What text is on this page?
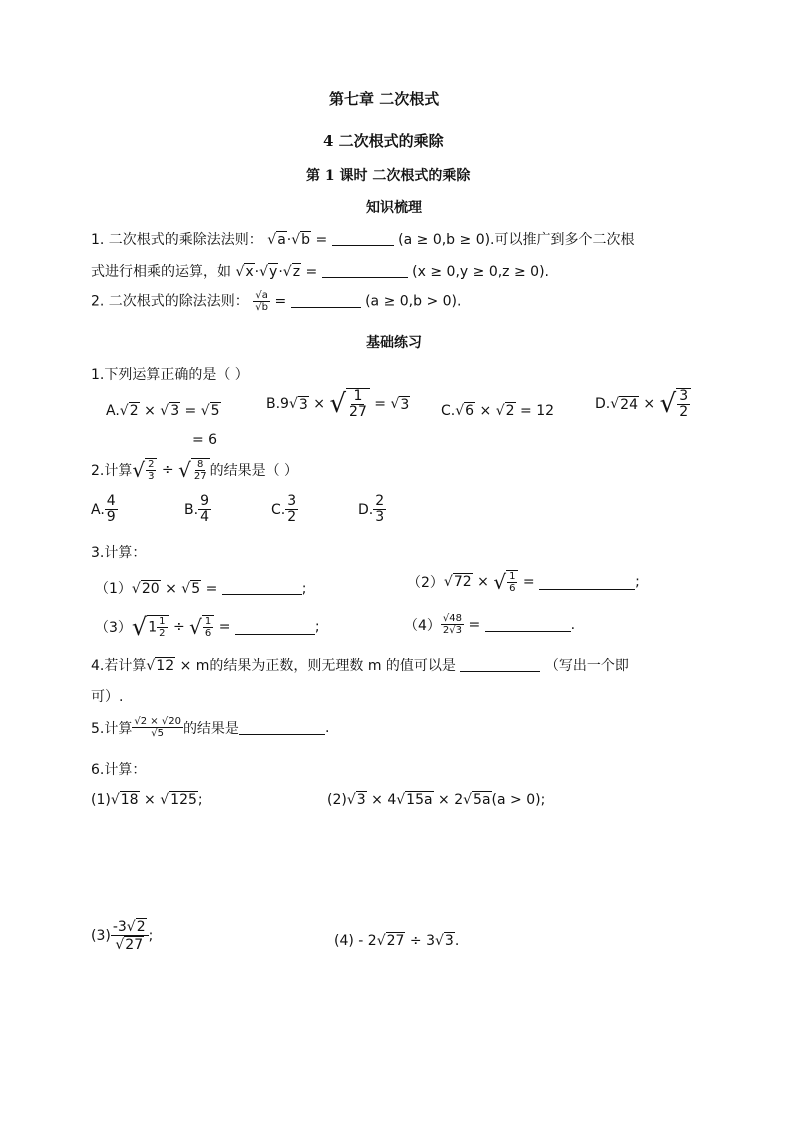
第七章 二次根式
4 二次根式的乘除
第 1 课时 二次根式的乘除
知识梳理
1. 二次根式的乘除法法则： √a·√b =	(a ≥ 0,b ≥ 0).可以推广到多个二次根
式进行相乘的运算，如 √x·√y·√z =	(x ≥ 0,y ≥ 0,z ≥ 0).
2. 二次根式的除法法则： $\frac{√a}{√b}$ =	(a ≥ 0,b > 0).
基础练习
1.下列运算正确的是（ ）
A.√2 × √3 = √5	B.9 √ 3 × √ $\frac{1}{27}$ = √ 3 C.√6 × √2 = 12	D. √ 24 × √ $\frac{3}{2}$
= 6
2.计算 √ $\frac{2}{3}$ ÷ √ $\frac{8}{27}$ 的结果是（ ）
A. $\frac{4}{9}$	B. $\frac{9}{4}$	C. $\frac{3}{2}$	D. $\frac{2}{3}$
3.计算：
（1）√20 × √5 =	;	（2） √ 72 × √ $\frac{1}{6}$ =	;
（3） √ $1 \frac{1}{2}$ ÷ √ $\frac{1}{6}$ =	;	$(4) \frac{√48}{2√3}$ =	.
4.若计算√12 × m的结果为正数，则无理数 m 的值可以是	（写出一个即
可）.
5.计算 $\frac{√2 \times √20}{√5}$ 的结果是	.
6.计算：
(1)√18 × √125;	(2)√3 × 4√15a × 2√5a(a > 0);
$(3) \frac{-3√2}{√27}$ ;	(4) - 2√27 ÷ 3√3.
